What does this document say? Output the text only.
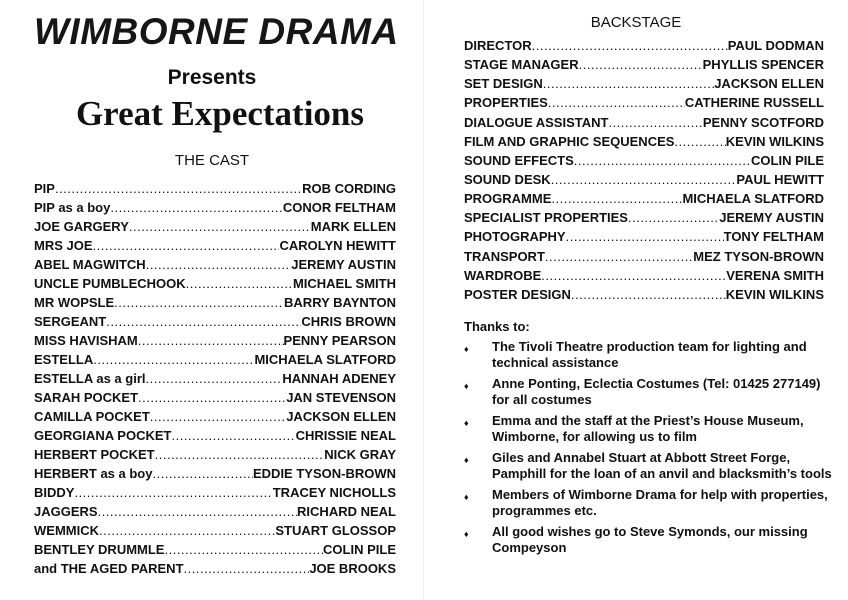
WIMBORNE DRAMA
Presents
Great Expectations
THE CAST
PIP .....	ROB CORDING
PIP as a boy .....	CONOR FELTHAM
JOE GARGERY .....	MARK ELLEN
MRS JOE .....	CAROLYN HEWITT
ABEL MAGWITCH .....	JEREMY AUSTIN
UNCLE PUMBLECHOOK .....	MICHAEL SMITH
MR WOPSLE .....	BARRY BAYNTON
SERGEANT .....	CHRIS BROWN
MISS HAVISHAM .....	PENNY PEARSON
ESTELLA .....	MICHAELA SLATFORD
ESTELLA as a girl .....	HANNAH ADENEY
SARAH POCKET .....	JAN STEVENSON
CAMILLA POCKET .....	JACKSON ELLEN
GEORGIANA POCKET .....	CHRISSIE NEAL
HERBERT POCKET .....	NICK GRAY
HERBERT as a boy .....	EDDIE TYSON-BROWN
BIDDY .....	TRACEY NICHOLLS
JAGGERS .....	RICHARD NEAL
WEMMICK .....	STUART GLOSSOP
BENTLEY DRUMMLE .....	COLIN PILE
and THE AGED PARENT .....	JOE BROOKS
BACKSTAGE
DIRECTOR .....	PAUL DODMAN
STAGE MANAGER .....	PHYLLIS SPENCER
SET DESIGN .....	JACKSON ELLEN
PROPERTIES .....	CATHERINE RUSSELL
DIALOGUE ASSISTANT .....	PENNY SCOTFORD
FILM AND GRAPHIC SEQUENCES .....	KEVIN WILKINS
SOUND EFFECTS .....	COLIN PILE
SOUND DESK .....	PAUL HEWITT
PROGRAMME .....	MICHAELA SLATFORD
SPECIALIST PROPERTIES .....	JEREMY AUSTIN
PHOTOGRAPHY .....	TONY FELTHAM
TRANSPORT .....	MEZ TYSON-BROWN
WARDROBE .....	VERENA SMITH
POSTER DESIGN .....	KEVIN WILKINS
Thanks to:
♦	The Tivoli Theatre production team for lighting and technical assistance
♦	Anne Ponting, Eclectia Costumes (Tel: 01425 277149) for all costumes
♦	Emma and the staff at the Priest’s House Museum, Wimborne, for allowing us to film
♦	Giles and Annabel Stuart at Abbott Street Forge, Pamphill for the loan of an anvil and blacksmith’s tools
♦	Members of Wimborne Drama for help with properties, programmes etc.
♦	All good wishes go to Steve Symonds, our missing Compeyson
